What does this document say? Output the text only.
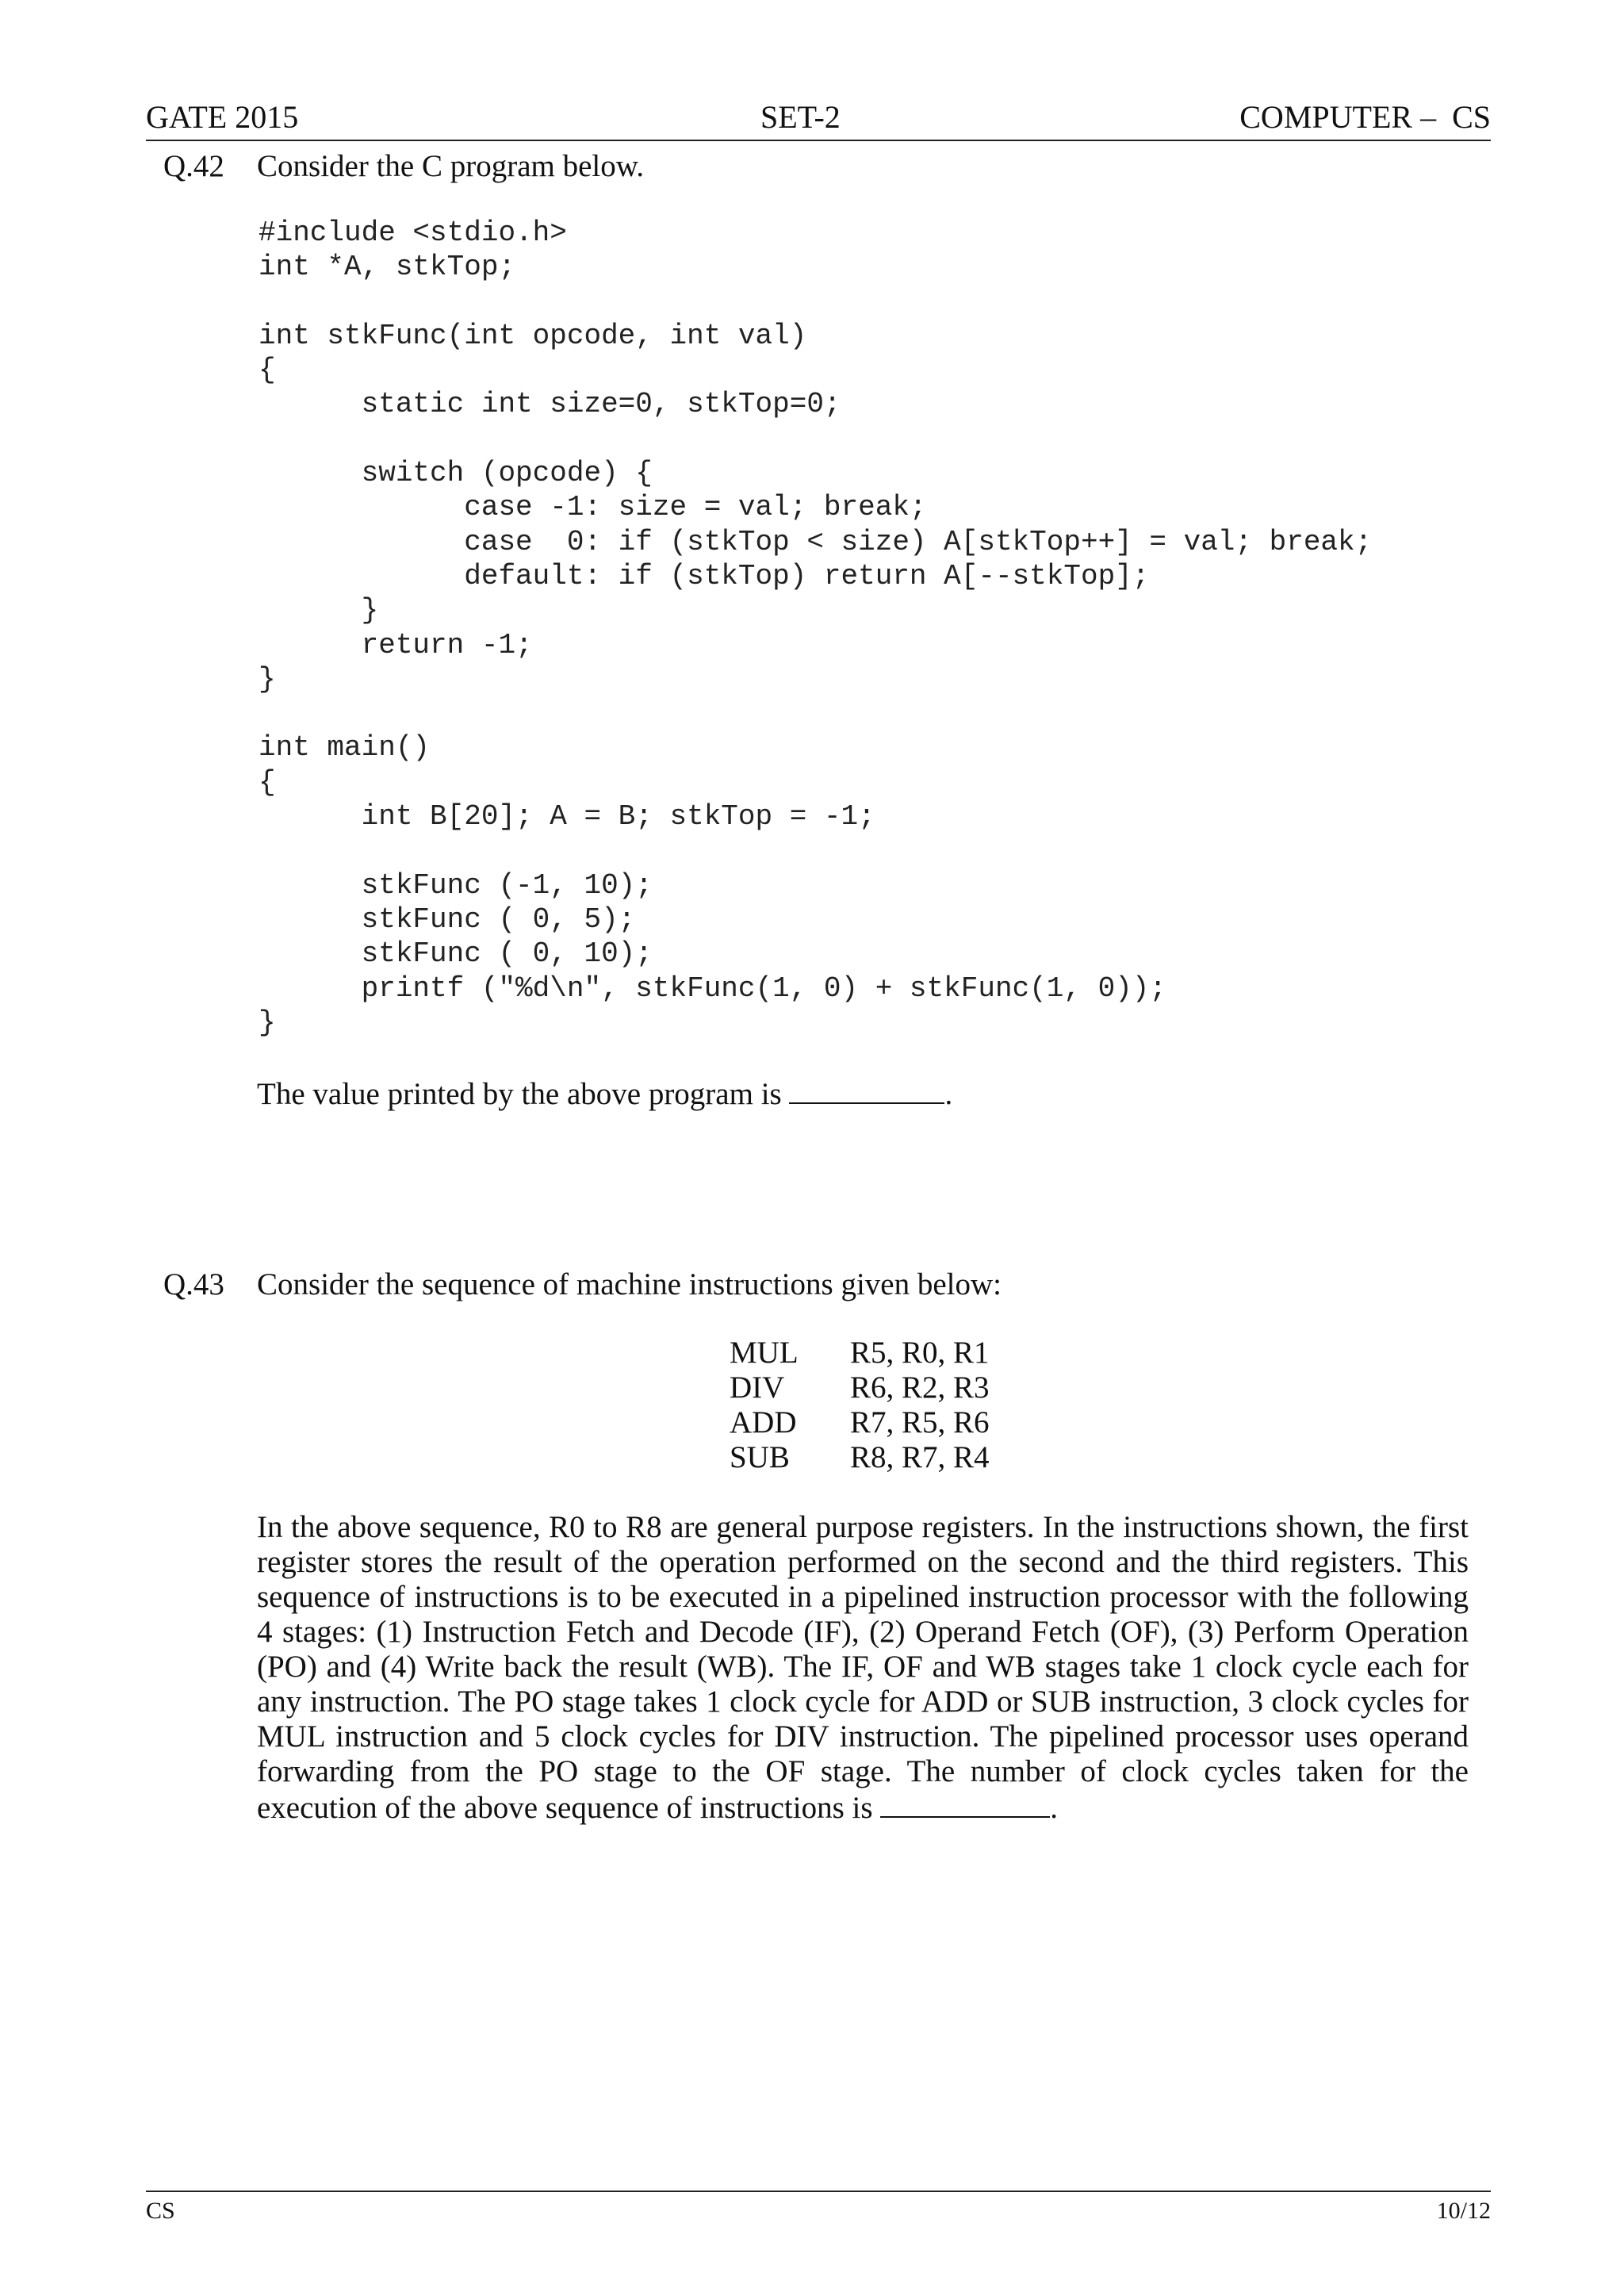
GATE 2015	SET-2	COMPUTER –  CS
Q.42 Consider the C program below.
#include <stdio.h>
int *A, stkTop;
int stkFunc(int opcode, int val)
{
static int size=0, stkTop=0;
switch (opcode) {
case -1: size = val; break;
case  0: if (stkTop < size) A[stkTop++] = val; break;
default: if (stkTop) return A[--stkTop];
}
return -1;
}
int main()
{
int B[20]; A = B; stkTop = -1;
stkFunc (-1, 10);
stkFunc ( 0, 5);
stkFunc ( 0, 10);
printf ("%d\n", stkFunc(1, 0) + stkFunc(1, 0));
}
The value printed by the above program is	.
Q.43 Consider the sequence of machine instructions given below:
MUL	R5, R0, R1
DIV	R6, R2, R3
ADD	R7, R5, R6
SUB	R8, R7, R4
In the above sequence, R0 to R8 are general purpose registers. In the instructions shown, the first register stores the result of the operation performed on the second and the third registers. This sequence of instructions is to be executed in a pipelined instruction processor with the following 4 stages: (1) Instruction Fetch and Decode (IF), (2) Operand Fetch (OF), (3) Perform Operation (PO) and (4) Write back the result (WB). The IF, OF and WB stages take 1 clock cycle each for any instruction. The PO stage takes 1 clock cycle for ADD or SUB instruction, 3 clock cycles for MUL instruction and 5 clock cycles for DIV instruction. The pipelined processor uses operand forwarding from the PO stage to the OF stage. The number of clock cycles taken for the execution of the above sequence of instructions is	.
CS	10/12
